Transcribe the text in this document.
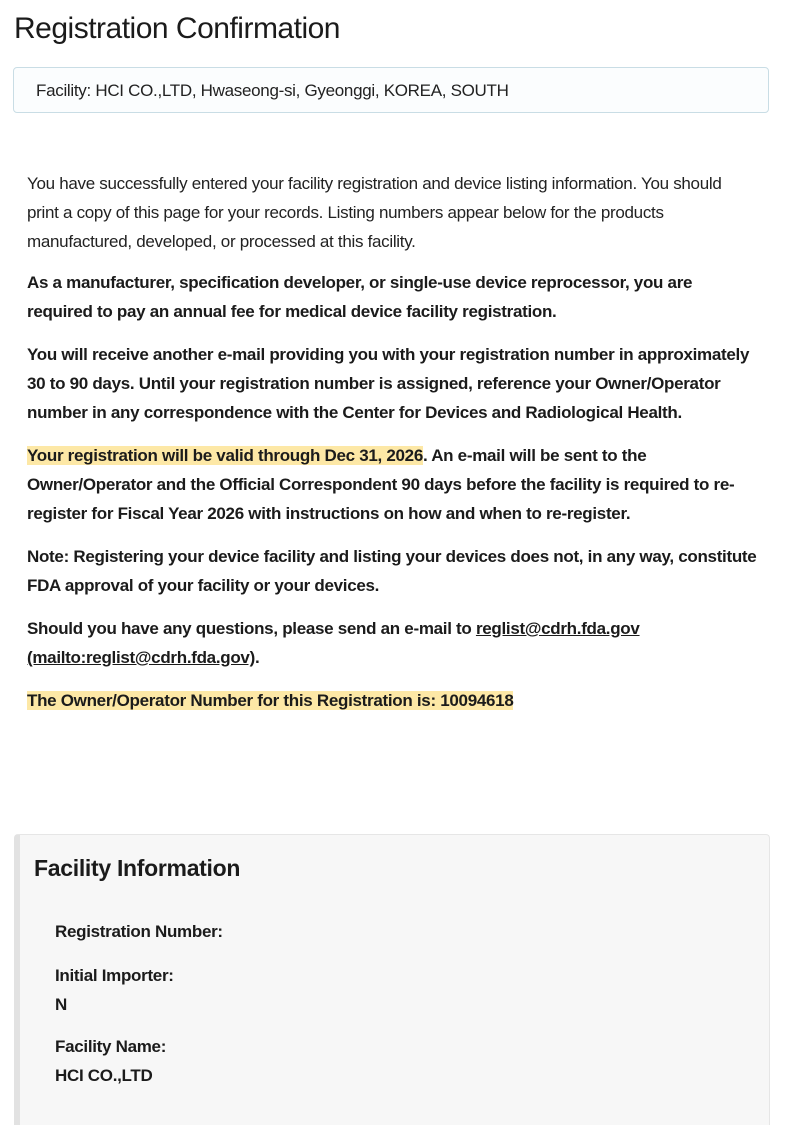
Registration Confirmation
Facility: HCI CO.,LTD, Hwaseong-si, Gyeonggi, KOREA, SOUTH

You have successfully entered your facility registration and device listing information. You should print a copy of this page for your records. Listing numbers appear below for the products manufactured, developed, or processed at this facility.

As a manufacturer, specification developer, or single-use device reprocessor, you are required to pay an annual fee for medical device facility registration.

You will receive another e-mail providing you with your registration number in approximately 30 to 90 days. Until your registration number is assigned, reference your Owner/Operator number in any correspondence with the Center for Devices and Radiological Health.

Your registration will be valid through Dec 31, 2026. An e-mail will be sent to the Owner/Operator and the Official Correspondent 90 days before the facility is required to re-register for Fiscal Year 2026 with instructions on how and when to re-register.

Note: Registering your device facility and listing your devices does not, in any way, constitute FDA approval of your facility or your devices.

Should you have any questions, please send an e-mail to reglist@cdrh.fda.gov (mailto:reglist@cdrh.fda.gov).

The Owner/Operator Number for this Registration is: 10094618

Facility Information
Registration Number:
Initial Importer:
N
Facility Name:
HCI CO.,LTD
